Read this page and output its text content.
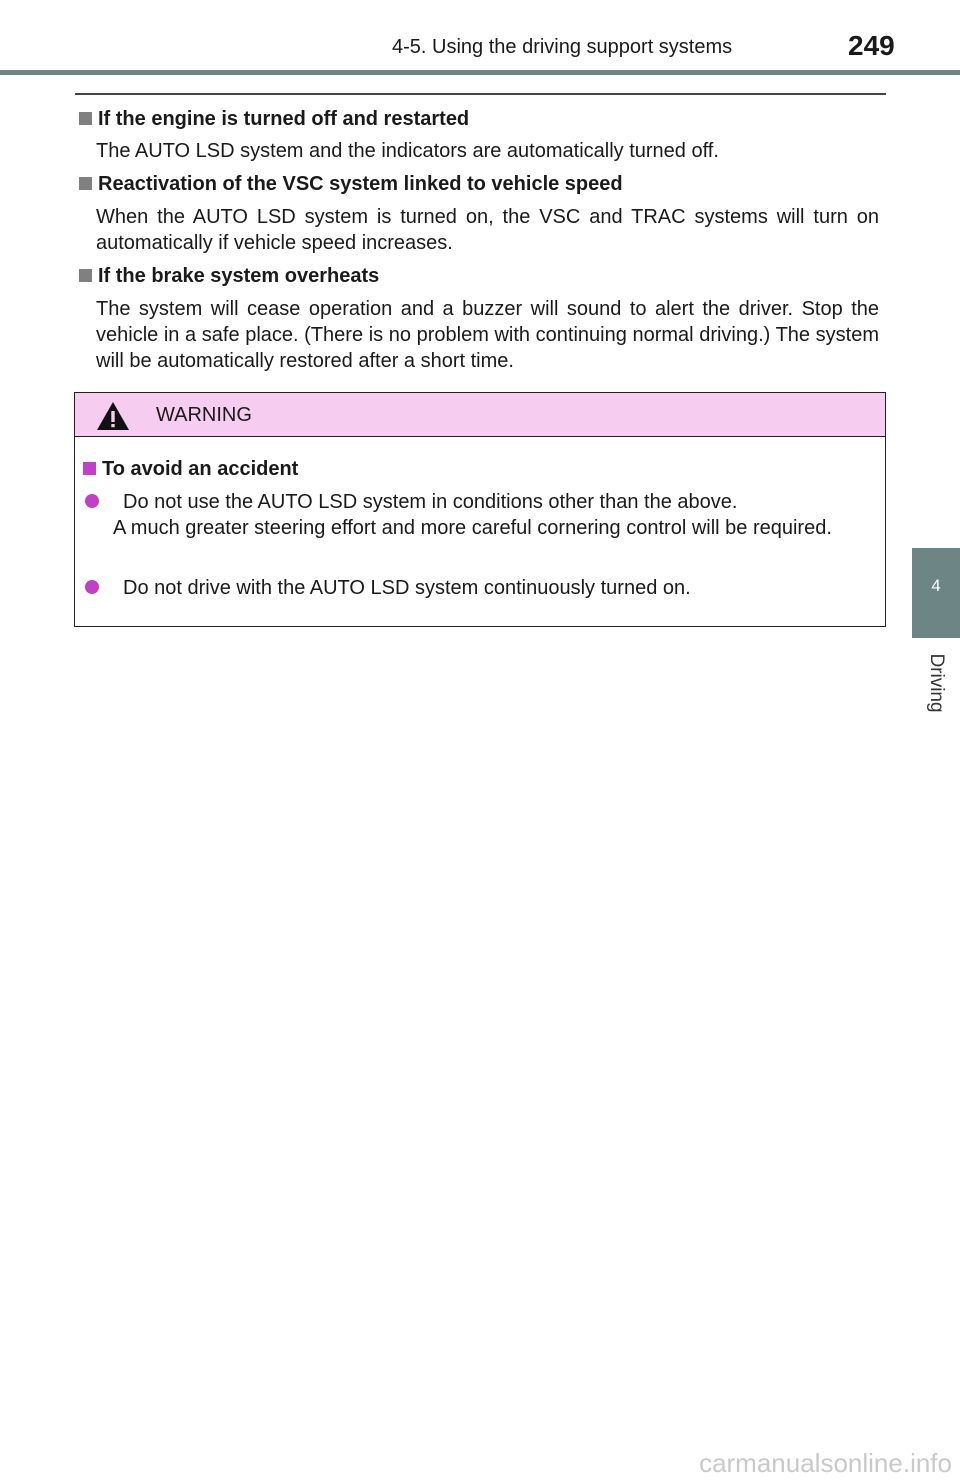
4-5. Using the driving support systems	249
4
Driving
If the engine is turned off and restarted
The AUTO LSD system and the indicators are automatically turned off.
Reactivation of the VSC system linked to vehicle speed
When the AUTO LSD system is turned on, the VSC and TRAC systems will turn on automatically if vehicle speed increases.
If the brake system overheats
The system will cease operation and a buzzer will sound to alert the driver. Stop the vehicle in a safe place. (There is no problem with continuing normal driving.) The system will be automatically restored after a short time.
WARNING
To avoid an accident
Do not use the AUTO LSD system in conditions other than the above.
A much greater steering effort and more careful cornering control will be required.
Do not drive with the AUTO LSD system continuously turned on.
carmanualsonline.info
